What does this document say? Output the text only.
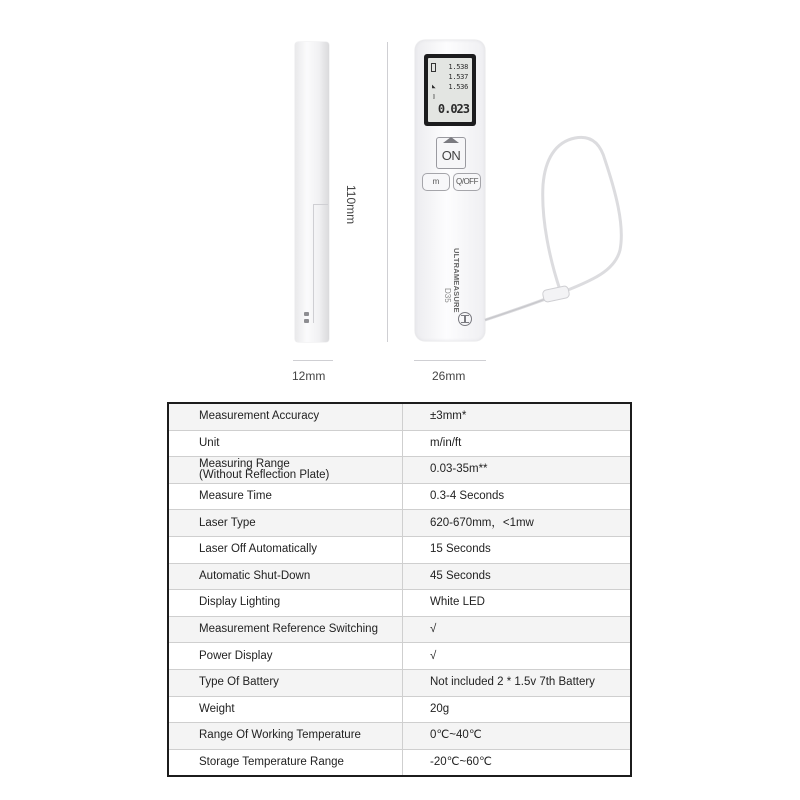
110mm
12mm	26mm
1.538
1.537
◣ 1.536
▯
0.023
ON
m	Q/OFF
ULTRAMEASURE
D35
Measurement Accuracy	±3mm*
Unit	m/in/ft
Measuring Range
(Without Reflection Plate)	0.03-35m**
Measure Time	0.3-4 Seconds
Laser Type	620-670mm，<1mw
Laser Off Automatically	15 Seconds
Automatic Shut-Down	45 Seconds
Display Lighting	White LED
Measurement Reference Switching	√
Power Display	√
Type Of Battery	Not included 2 * 1.5v 7th Battery
Weight	20g
Range Of Working Temperature	0℃~40℃
Storage Temperature Range	-20℃~60℃
